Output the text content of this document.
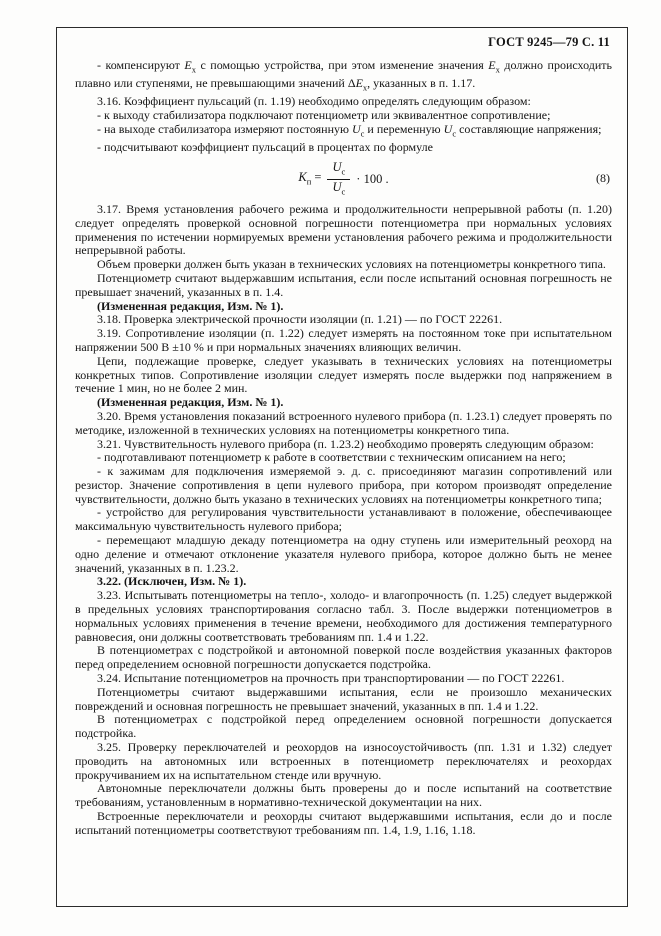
ГОСТ 9245—79 С. 11

- компенсируют $E_х$ с помощью устройства, при этом изменение значения $E_х$ должно происходить плавно или ступенями, не превышающими значений $\Delta E_х$, указанных в п. 1.17.

3.16. Коэффициент пульсаций (п. 1.19) необходимо определять следующим образом:

- к выходу стабилизатора подключают потенциометр или эквивалентное сопротивление;

- на выходе стабилизатора измеряют постоянную $U_с$ и переменную $U_с$ составляющие напряжения;

- подсчитывают коэффициент пульсаций в процентах по формуле

$K_п = \frac{U_с}{U_с} \cdot 100$ .	(8)

3.17. Время установления рабочего режима и продолжительности непрерывной работы (п. 1.20) следует определять проверкой основной погрешности потенциометра при нормальных условиях применения по истечении нормируемых времени установления рабочего режима и продолжительности непрерывной работы.

Объем проверки должен быть указан в технических условиях на потенциометры конкретного типа.

Потенциометр считают выдержавшим испытания, если после испытаний основная погрешность не превышает значений, указанных в п. 1.4.

(Измененная редакция, Изм. № 1).

3.18. Проверка электрической прочности изоляции (п. 1.21) — по ГОСТ 22261.

3.19. Сопротивление изоляции (п. 1.22) следует измерять на постоянном токе при испытательном напряжении 500 В ±10 % и при нормальных значениях влияющих величин.

Цепи, подлежащие проверке, следует указывать в технических условиях на потенциометры конкретных типов. Сопротивление изоляции следует измерять после выдержки под напряжением в течение 1 мин, но не более 2 мин.

(Измененная редакция, Изм. № 1).

3.20. Время установления показаний встроенного нулевого прибора (п. 1.23.1) следует проверять по методике, изложенной в технических условиях на потенциометры конкретного типа.

3.21. Чувствительность нулевого прибора (п. 1.23.2) необходимо проверять следующим образом:

- подготавливают потенциометр к работе в соответствии с техническим описанием на него;

- к зажимам для подключения измеряемой э. д. с. присоединяют магазин сопротивлений или резистор. Значение сопротивления в цепи нулевого прибора, при котором производят определение чувствительности, должно быть указано в технических условиях на потенциометры конкретного типа;

- устройство для регулирования чувствительности устанавливают в положение, обеспечивающее максимальную чувствительность нулевого прибора;

- перемещают младшую декаду потенциометра на одну ступень или измерительный реохорд на одно деление и отмечают отклонение указателя нулевого прибора, которое должно быть не менее значений, указанных в п. 1.23.2.

3.22. (Исключен, Изм. № 1).

3.23. Испытывать потенциометры на тепло-, холодо- и влагопрочность (п. 1.25) следует выдержкой в предельных условиях транспортирования согласно табл. 3. После выдержки потенциометров в нормальных условиях применения в течение времени, необходимого для достижения температурного равновесия, они должны соответствовать требованиям пп. 1.4 и 1.22.

В потенциометрах с подстройкой и автономной поверкой после воздействия указанных факторов перед определением основной погрешности допускается подстройка.

3.24. Испытание потенциометров на прочность при транспортировании — по ГОСТ 22261.

Потенциометры считают выдержавшими испытания, если не произошло механических повреждений и основная погрешность не превышает значений, указанных в пп. 1.4 и 1.22.

В потенциометрах с подстройкой перед определением основной погрешности допускается подстройка.

3.25. Проверку переключателей и реохордов на износоустойчивость (пп. 1.31 и 1.32) следует проводить на автономных или встроенных в потенциометр переключателях и реохордах прокручиванием их на испытательном стенде или вручную.

Автономные переключатели должны быть проверены до и после испытаний на соответствие требованиям, установленным в нормативно-технической документации на них.

Встроенные переключатели и реохорды считают выдержавшими испытания, если до и после испытаний потенциометры соответствуют требованиям пп. 1.4, 1.9, 1.16, 1.18.
